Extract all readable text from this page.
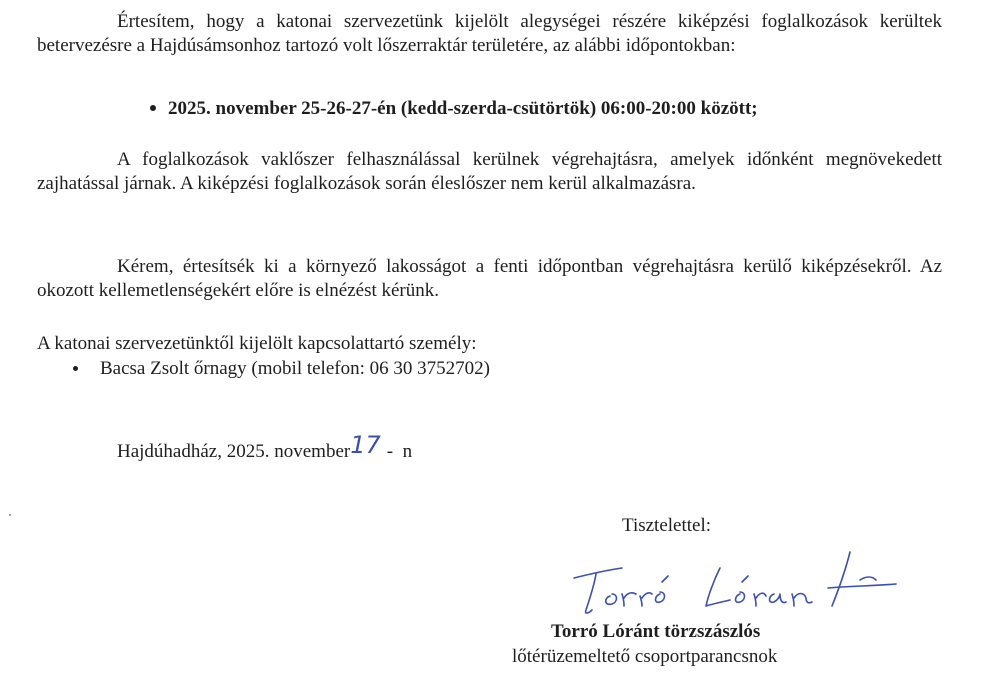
Értesítem, hogy a katonai szervezetünk kijelölt alegységei részére kiképzési foglalkozások kerültek betervezésre a Hajdúsámsonhoz tartozó volt lőszerraktár területére, az alábbi időpontokban:
2025. november 25-26-27-én (kedd-szerda-csütörtök) 06:00-20:00 között;
A foglalkozások vaklőszer felhasználással kerülnek végrehajtásra, amelyek időnként megnövekedett zajhatással járnak. A kiképzési foglalkozások során éleslőszer nem kerül alkalmazásra.
Kérem, értesítsék ki a környező lakosságot a fenti időpontban végrehajtásra kerülő kiképzésekről. Az okozott kellemetlenségekért előre is elnézést kérünk.
A katonai szervezetünktől kijelölt kapcsolattartó személy:
Bacsa Zsolt őrnagy (mobil telefon: 06 30 3752702)
Hajdúhadház, 2025. november 17 -  n
Tisztelettel:
Torró Lóránt törzszászlós
lőtérüzemeltető csoportparancsnok
